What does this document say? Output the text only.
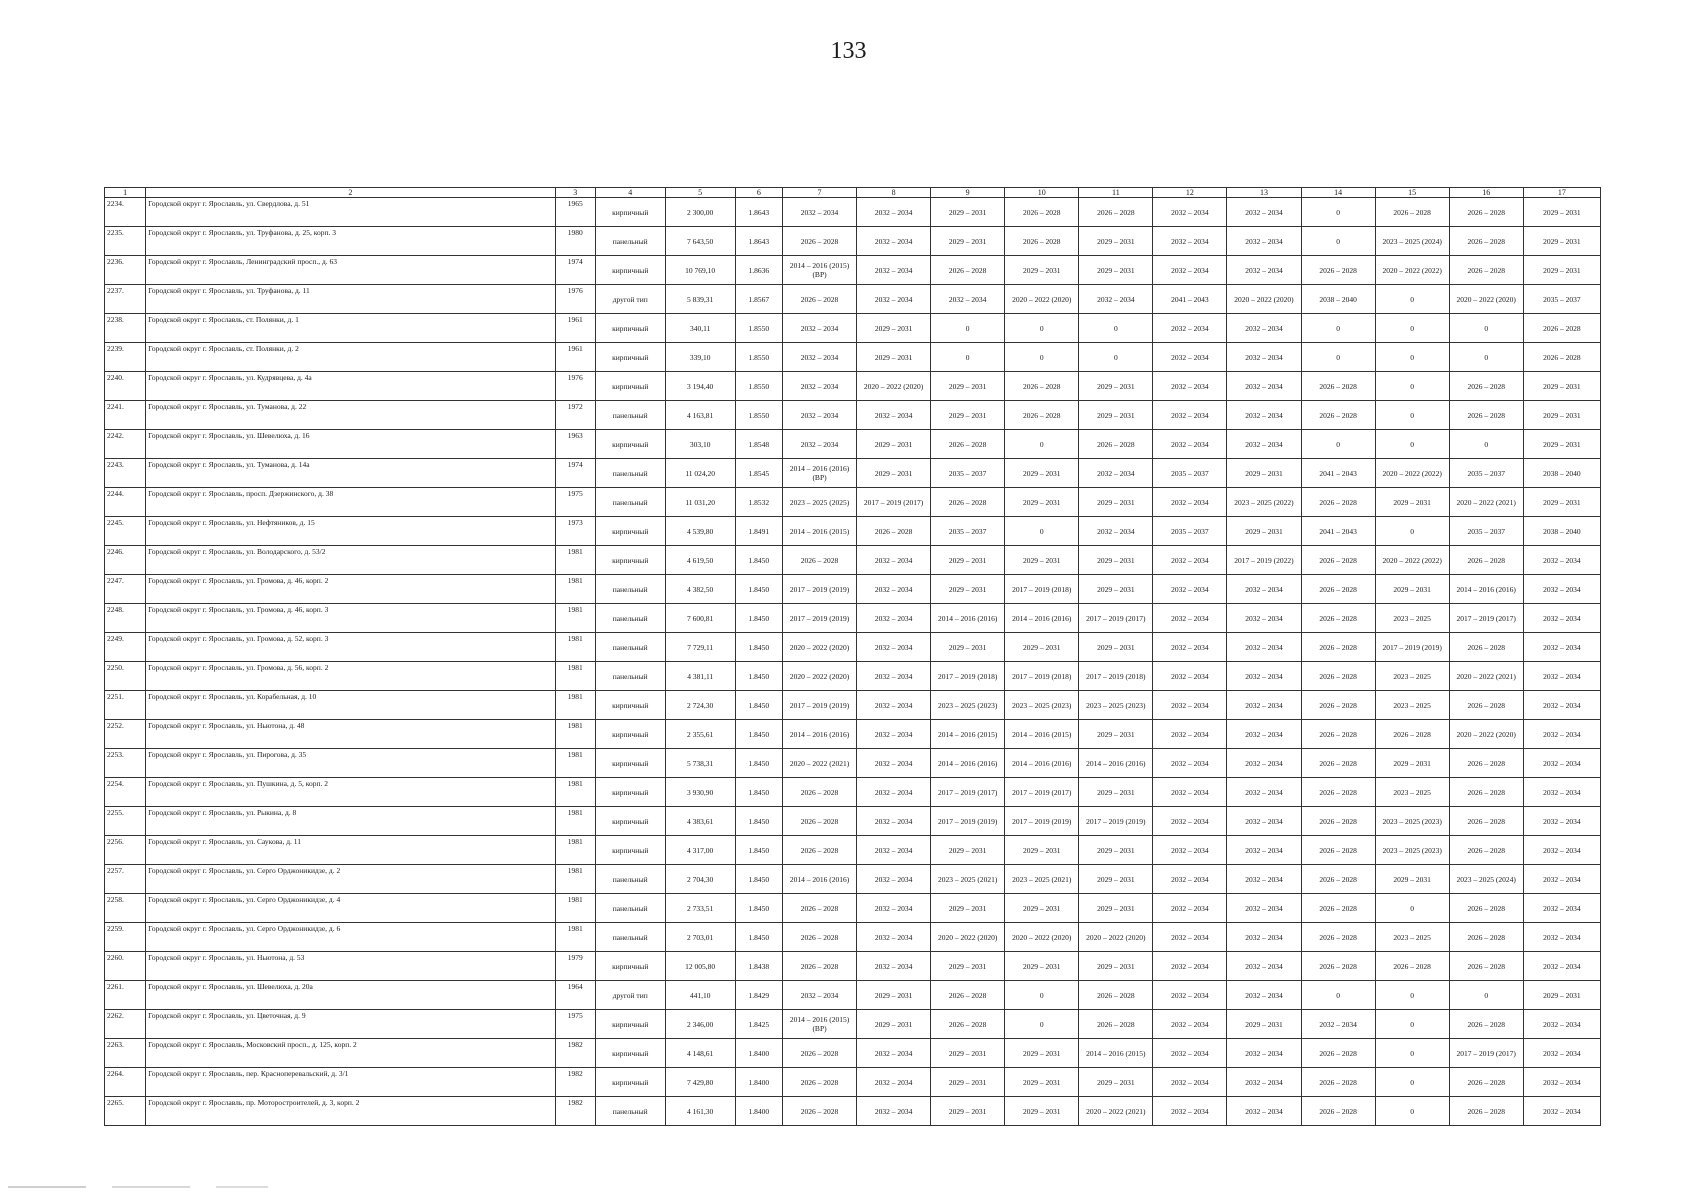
133
1	2	3	4	5	6	7	8	9	10	11	12	13	14	15	16	17
2234.	Городской округ г. Ярославль, ул. Свердлова, д. 51	1965	кирпичный	2 300,00	1.8643	2032 – 2034	2032 – 2034	2029 – 2031	2026 – 2028	2026 – 2028	2032 – 2034	2032 – 2034	0	2026 – 2028	2026 – 2028	2029 – 2031
2235.	Городской округ г. Ярославль, ул. Труфанова, д. 25, корп. 3	1980	панельный	7 643,50	1.8643	2026 – 2028	2032 – 2034	2029 – 2031	2026 – 2028	2029 – 2031	2032 – 2034	2032 – 2034	0	2023 – 2025 (2024)	2026 – 2028	2029 – 2031
2236.	Городской округ г. Ярославль, Ленинградский просп., д. 63	1974	кирпичный	10 769,10	1.8636	2014 – 2016 (2015) (ВР)	2032 – 2034	2026 – 2028	2029 – 2031	2029 – 2031	2032 – 2034	2032 – 2034	2026 – 2028	2020 – 2022 (2022)	2026 – 2028	2029 – 2031
2237.	Городской округ г. Ярославль, ул. Труфанова, д. 11	1976	другой тип	5 839,31	1.8567	2026 – 2028	2032 – 2034	2032 – 2034	2020 – 2022 (2020)	2032 – 2034	2041 – 2043	2020 – 2022 (2020)	2038 – 2040	0	2020 – 2022 (2020)	2035 – 2037
2238.	Городской округ г. Ярославль, ст. Полянки, д. 1	1961	кирпичный	340,11	1.8550	2032 – 2034	2029 – 2031	0	0	0	2032 – 2034	2032 – 2034	0	0	0	2026 – 2028
2239.	Городской округ г. Ярославль, ст. Полянки, д. 2	1961	кирпичный	339,10	1.8550	2032 – 2034	2029 – 2031	0	0	0	2032 – 2034	2032 – 2034	0	0	0	2026 – 2028
2240.	Городской округ г. Ярославль, ул. Кудрявцева, д. 4а	1976	кирпичный	3 194,40	1.8550	2032 – 2034	2020 – 2022 (2020)	2029 – 2031	2026 – 2028	2029 – 2031	2032 – 2034	2032 – 2034	2026 – 2028	0	2026 – 2028	2029 – 2031
2241.	Городской округ г. Ярославль, ул. Туманова, д. 22	1972	панельный	4 163,81	1.8550	2032 – 2034	2032 – 2034	2029 – 2031	2026 – 2028	2029 – 2031	2032 – 2034	2032 – 2034	2026 – 2028	0	2026 – 2028	2029 – 2031
2242.	Городской округ г. Ярославль, ул. Шевелюха, д. 16	1963	кирпичный	303,10	1.8548	2032 – 2034	2029 – 2031	2026 – 2028	0	2026 – 2028	2032 – 2034	2032 – 2034	0	0	0	2029 – 2031
2243.	Городской округ г. Ярославль, ул. Туманова, д. 14а	1974	панельный	11 024,20	1.8545	2014 – 2016 (2016) (ВР)	2029 – 2031	2035 – 2037	2029 – 2031	2032 – 2034	2035 – 2037	2029 – 2031	2041 – 2043	2020 – 2022 (2022)	2035 – 2037	2038 – 2040
2244.	Городской округ г. Ярославль, просп. Дзержинского, д. 38	1975	панельный	11 031,20	1.8532	2023 – 2025 (2025)	2017 – 2019 (2017)	2026 – 2028	2029 – 2031	2029 – 2031	2032 – 2034	2023 – 2025 (2022)	2026 – 2028	2029 – 2031	2020 – 2022 (2021)	2029 – 2031
2245.	Городской округ г. Ярославль, ул. Нефтяников, д. 15	1973	кирпичный	4 539,80	1.8491	2014 – 2016 (2015)	2026 – 2028	2035 – 2037	0	2032 – 2034	2035 – 2037	2029 – 2031	2041 – 2043	0	2035 – 2037	2038 – 2040
2246.	Городской округ г. Ярославль, ул. Володарского, д. 53/2	1981	кирпичный	4 619,50	1.8450	2026 – 2028	2032 – 2034	2029 – 2031	2029 – 2031	2029 – 2031	2032 – 2034	2017 – 2019 (2022)	2026 – 2028	2020 – 2022 (2022)	2026 – 2028	2032 – 2034
2247.	Городской округ г. Ярославль, ул. Громова, д. 46, корп. 2	1981	панельный	4 382,50	1.8450	2017 – 2019 (2019)	2032 – 2034	2029 – 2031	2017 – 2019 (2018)	2029 – 2031	2032 – 2034	2032 – 2034	2026 – 2028	2029 – 2031	2014 – 2016 (2016)	2032 – 2034
2248.	Городской округ г. Ярославль, ул. Громова, д. 46, корп. 3	1981	панельный	7 600,81	1.8450	2017 – 2019 (2019)	2032 – 2034	2014 – 2016 (2016)	2014 – 2016 (2016)	2017 – 2019 (2017)	2032 – 2034	2032 – 2034	2026 – 2028	2023 – 2025	2017 – 2019 (2017)	2032 – 2034
2249.	Городской округ г. Ярославль, ул. Громова, д. 52, корп. 3	1981	панельный	7 729,11	1.8450	2020 – 2022 (2020)	2032 – 2034	2029 – 2031	2029 – 2031	2029 – 2031	2032 – 2034	2032 – 2034	2026 – 2028	2017 – 2019 (2019)	2026 – 2028	2032 – 2034
2250.	Городской округ г. Ярославль, ул. Громова, д. 56, корп. 2	1981	панельный	4 381,11	1.8450	2020 – 2022 (2020)	2032 – 2034	2017 – 2019 (2018)	2017 – 2019 (2018)	2017 – 2019 (2018)	2032 – 2034	2032 – 2034	2026 – 2028	2023 – 2025	2020 – 2022 (2021)	2032 – 2034
2251.	Городской округ г. Ярославль, ул. Корабельная, д. 10	1981	кирпичный	2 724,30	1.8450	2017 – 2019 (2019)	2032 – 2034	2023 – 2025 (2023)	2023 – 2025 (2023)	2023 – 2025 (2023)	2032 – 2034	2032 – 2034	2026 – 2028	2023 – 2025	2026 – 2028	2032 – 2034
2252.	Городской округ г. Ярославль, ул. Ньютона, д. 48	1981	кирпичный	2 355,61	1.8450	2014 – 2016 (2016)	2032 – 2034	2014 – 2016 (2015)	2014 – 2016 (2015)	2029 – 2031	2032 – 2034	2032 – 2034	2026 – 2028	2026 – 2028	2020 – 2022 (2020)	2032 – 2034
2253.	Городской округ г. Ярославль, ул. Пирогова, д. 35	1981	кирпичный	5 738,31	1.8450	2020 – 2022 (2021)	2032 – 2034	2014 – 2016 (2016)	2014 – 2016 (2016)	2014 – 2016 (2016)	2032 – 2034	2032 – 2034	2026 – 2028	2029 – 2031	2026 – 2028	2032 – 2034
2254.	Городской округ г. Ярославль, ул. Пушкина, д. 5, корп. 2	1981	кирпичный	3 930,90	1.8450	2026 – 2028	2032 – 2034	2017 – 2019 (2017)	2017 – 2019 (2017)	2029 – 2031	2032 – 2034	2032 – 2034	2026 – 2028	2023 – 2025	2026 – 2028	2032 – 2034
2255.	Городской округ г. Ярославль, ул. Рыкина, д. 8	1981	кирпичный	4 383,61	1.8450	2026 – 2028	2032 – 2034	2017 – 2019 (2019)	2017 – 2019 (2019)	2017 – 2019 (2019)	2032 – 2034	2032 – 2034	2026 – 2028	2023 – 2025 (2023)	2026 – 2028	2032 – 2034
2256.	Городской округ г. Ярославль, ул. Саукова, д. 11	1981	кирпичный	4 317,00	1.8450	2026 – 2028	2032 – 2034	2029 – 2031	2029 – 2031	2029 – 2031	2032 – 2034	2032 – 2034	2026 – 2028	2023 – 2025 (2023)	2026 – 2028	2032 – 2034
2257.	Городской округ г. Ярославль, ул. Серго Орджоникидзе, д. 2	1981	панельный	2 704,30	1.8450	2014 – 2016 (2016)	2032 – 2034	2023 – 2025 (2021)	2023 – 2025 (2021)	2029 – 2031	2032 – 2034	2032 – 2034	2026 – 2028	2029 – 2031	2023 – 2025 (2024)	2032 – 2034
2258.	Городской округ г. Ярославль, ул. Серго Орджоникидзе, д. 4	1981	панельный	2 733,51	1.8450	2026 – 2028	2032 – 2034	2029 – 2031	2029 – 2031	2029 – 2031	2032 – 2034	2032 – 2034	2026 – 2028	0	2026 – 2028	2032 – 2034
2259.	Городской округ г. Ярославль, ул. Серго Орджоникидзе, д. 6	1981	панельный	2 703,01	1.8450	2026 – 2028	2032 – 2034	2020 – 2022 (2020)	2020 – 2022 (2020)	2020 – 2022 (2020)	2032 – 2034	2032 – 2034	2026 – 2028	2023 – 2025	2026 – 2028	2032 – 2034
2260.	Городской округ г. Ярославль, ул. Ньютона, д. 53	1979	кирпичный	12 005,80	1.8438	2026 – 2028	2032 – 2034	2029 – 2031	2029 – 2031	2029 – 2031	2032 – 2034	2032 – 2034	2026 – 2028	2026 – 2028	2026 – 2028	2032 – 2034
2261.	Городской округ г. Ярославль, ул. Шевелюха, д. 20а	1964	другой тип	441,10	1.8429	2032 – 2034	2029 – 2031	2026 – 2028	0	2026 – 2028	2032 – 2034	2032 – 2034	0	0	0	2029 – 2031
2262.	Городской округ г. Ярославль, ул. Цветочная, д. 9	1975	кирпичный	2 346,00	1.8425	2014 – 2016 (2015) (ВР)	2029 – 2031	2026 – 2028	0	2026 – 2028	2032 – 2034	2029 – 2031	2032 – 2034	0	2026 – 2028	2032 – 2034
2263.	Городской округ г. Ярославль, Московский просп., д. 125, корп. 2	1982	кирпичный	4 148,61	1.8400	2026 – 2028	2032 – 2034	2029 – 2031	2029 – 2031	2014 – 2016 (2015)	2032 – 2034	2032 – 2034	2026 – 2028	0	2017 – 2019 (2017)	2032 – 2034
2264.	Городской округ г. Ярославль, пер. Красноперевальский, д. 3/1	1982	кирпичный	7 429,80	1.8400	2026 – 2028	2032 – 2034	2029 – 2031	2029 – 2031	2029 – 2031	2032 – 2034	2032 – 2034	2026 – 2028	0	2026 – 2028	2032 – 2034
2265.	Городской округ г. Ярославль, пр. Моторостроителей, д. 3, корп. 2	1982	панельный	4 161,30	1.8400	2026 – 2028	2032 – 2034	2029 – 2031	2029 – 2031	2020 – 2022 (2021)	2032 – 2034	2032 – 2034	2026 – 2028	0	2026 – 2028	2032 – 2034
